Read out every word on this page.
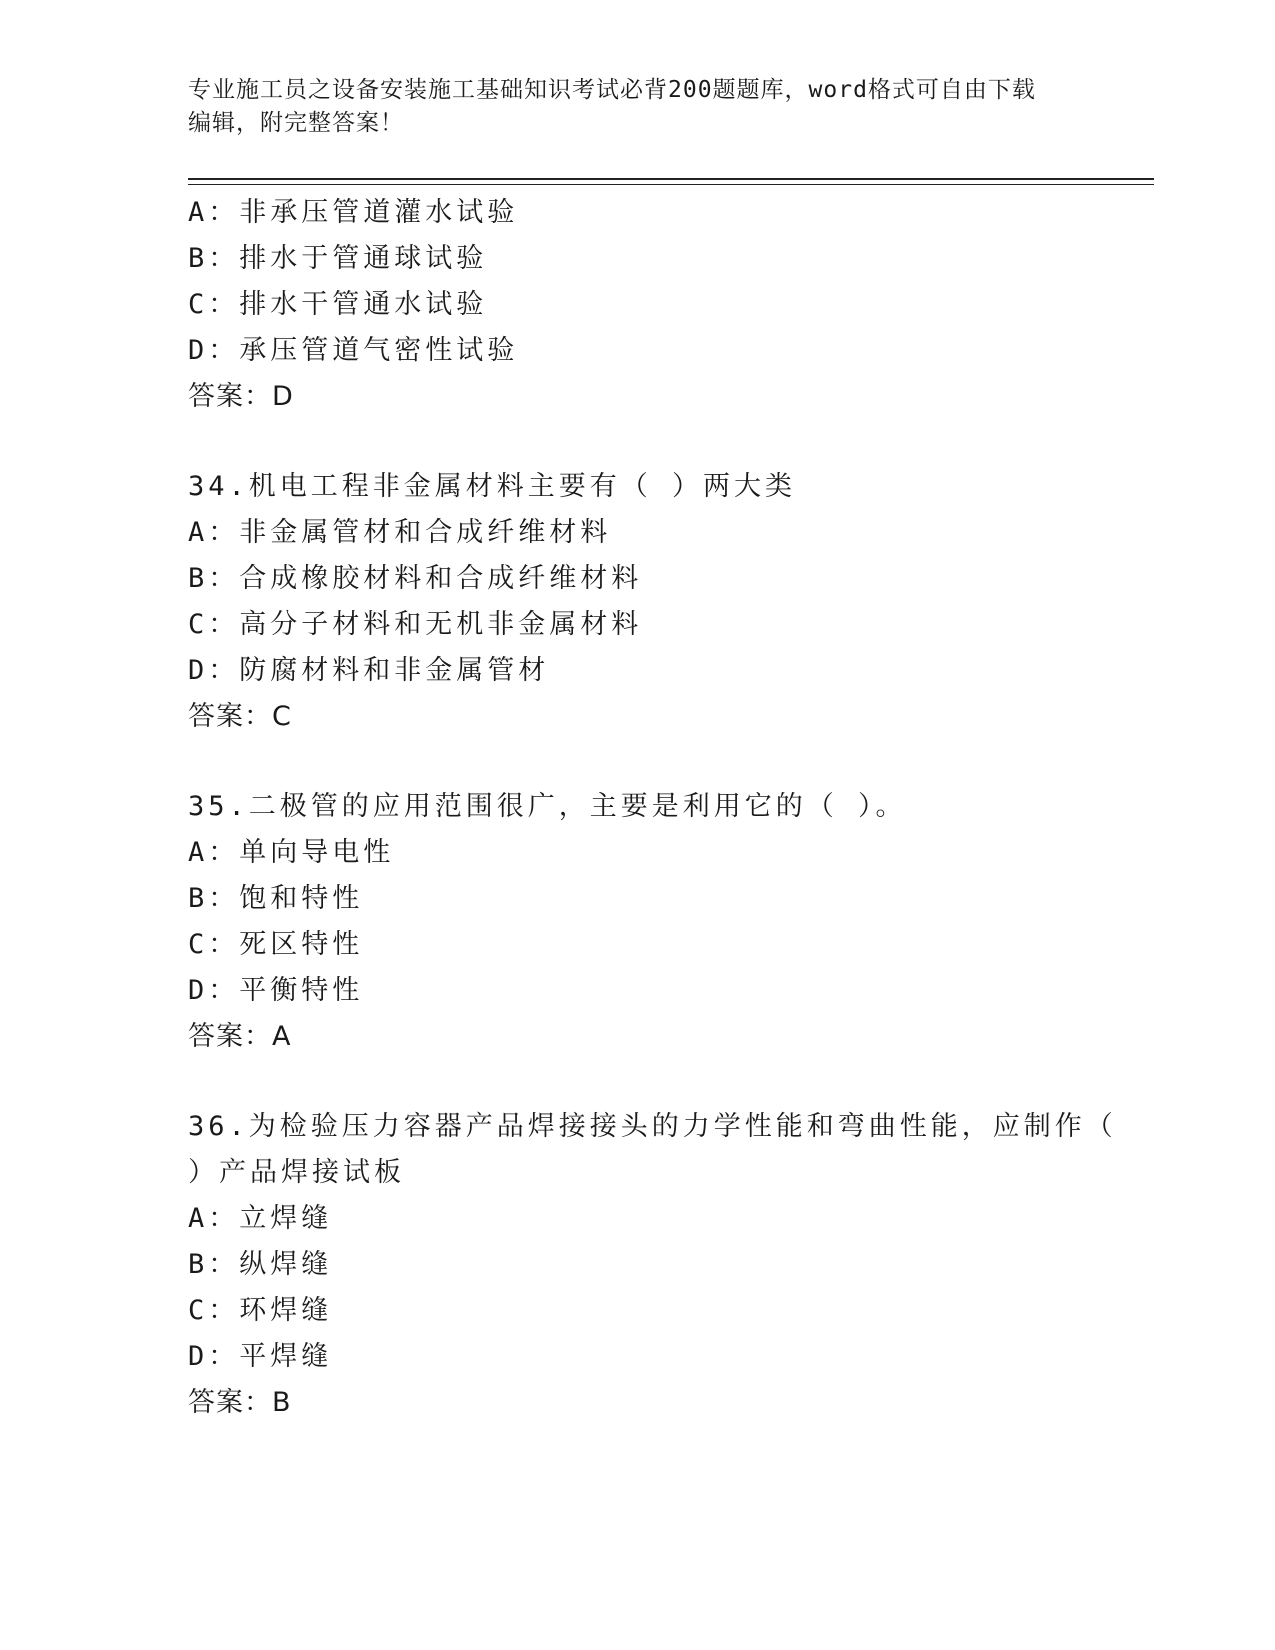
专业施工员之设备安装施工基础知识考试必背200题题库，word格式可自由下载
编辑，附完整答案！
A：非承压管道灌水试验
B：排水于管通球试验
C：排水干管通水试验
D：承压管道气密性试验
答案：D
34.机电工程非金属材料主要有（ ）两大类
A：非金属管材和合成纤维材料
B：合成橡胶材料和合成纤维材料
C：高分子材料和无机非金属材料
D：防腐材料和非金属管材
答案：C
35.二极管的应用范围很广，主要是利用它的（ ）。
A：单向导电性
B：饱和特性
C：死区特性
D：平衡特性
答案：A
36.为检验压力容器产品焊接接头的力学性能和弯曲性能，应制作（
）产品焊接试板
A：立焊缝
B：纵焊缝
C：环焊缝
D：平焊缝
答案：B
